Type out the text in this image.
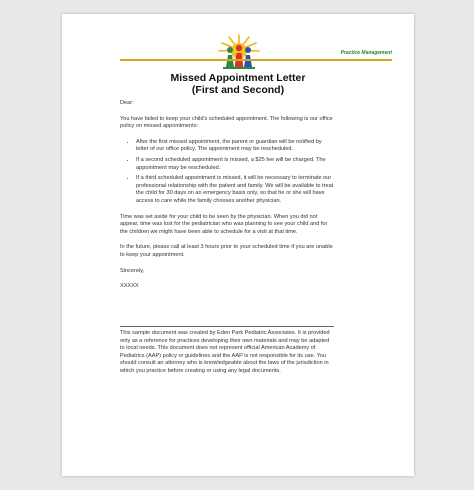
Practice Management
Missed Appointment Letter
(First and Second)

Dear:

You have failed to keep your child's scheduled appointment. The following is our office policy on missed appointments:

• After the first missed appointment, the parent or guardian will be notified by letter of our office policy. The appointment may be rescheduled.
• If a second scheduled appointment is missed, a $25 fee will be charged. The appointment may be rescheduled.
• If a third scheduled appointment is missed, it will be necessary to terminate our professional relationship with the patient and family. We will be available to treat the child for 30 days on an emergency basis only, so that he or she will have access to care while the family chooses another physician.

Time was set aside for your child to be seen by the physician. When you did not appear, time was lost for the pediatrician who was planning to see your child and for the children we might have been able to schedule for a visit at that time.

In the future, please call at least 3 hours prior to your scheduled time if you are unable to keep your appointment.

Sincerely,

XXXXX

This sample document was created by Eden Park Pediatric Associates. It is provided only as a reference for practices developing their own materials and may be adapted to local needs. This document does not represent official American Academy of Pediatrics (AAP) policy or guidelines and the AAP is not responsible for its use. You should consult an attorney who is knowledgeable about the laws of the jurisdiction in which you practice before creating or using any legal documents.
